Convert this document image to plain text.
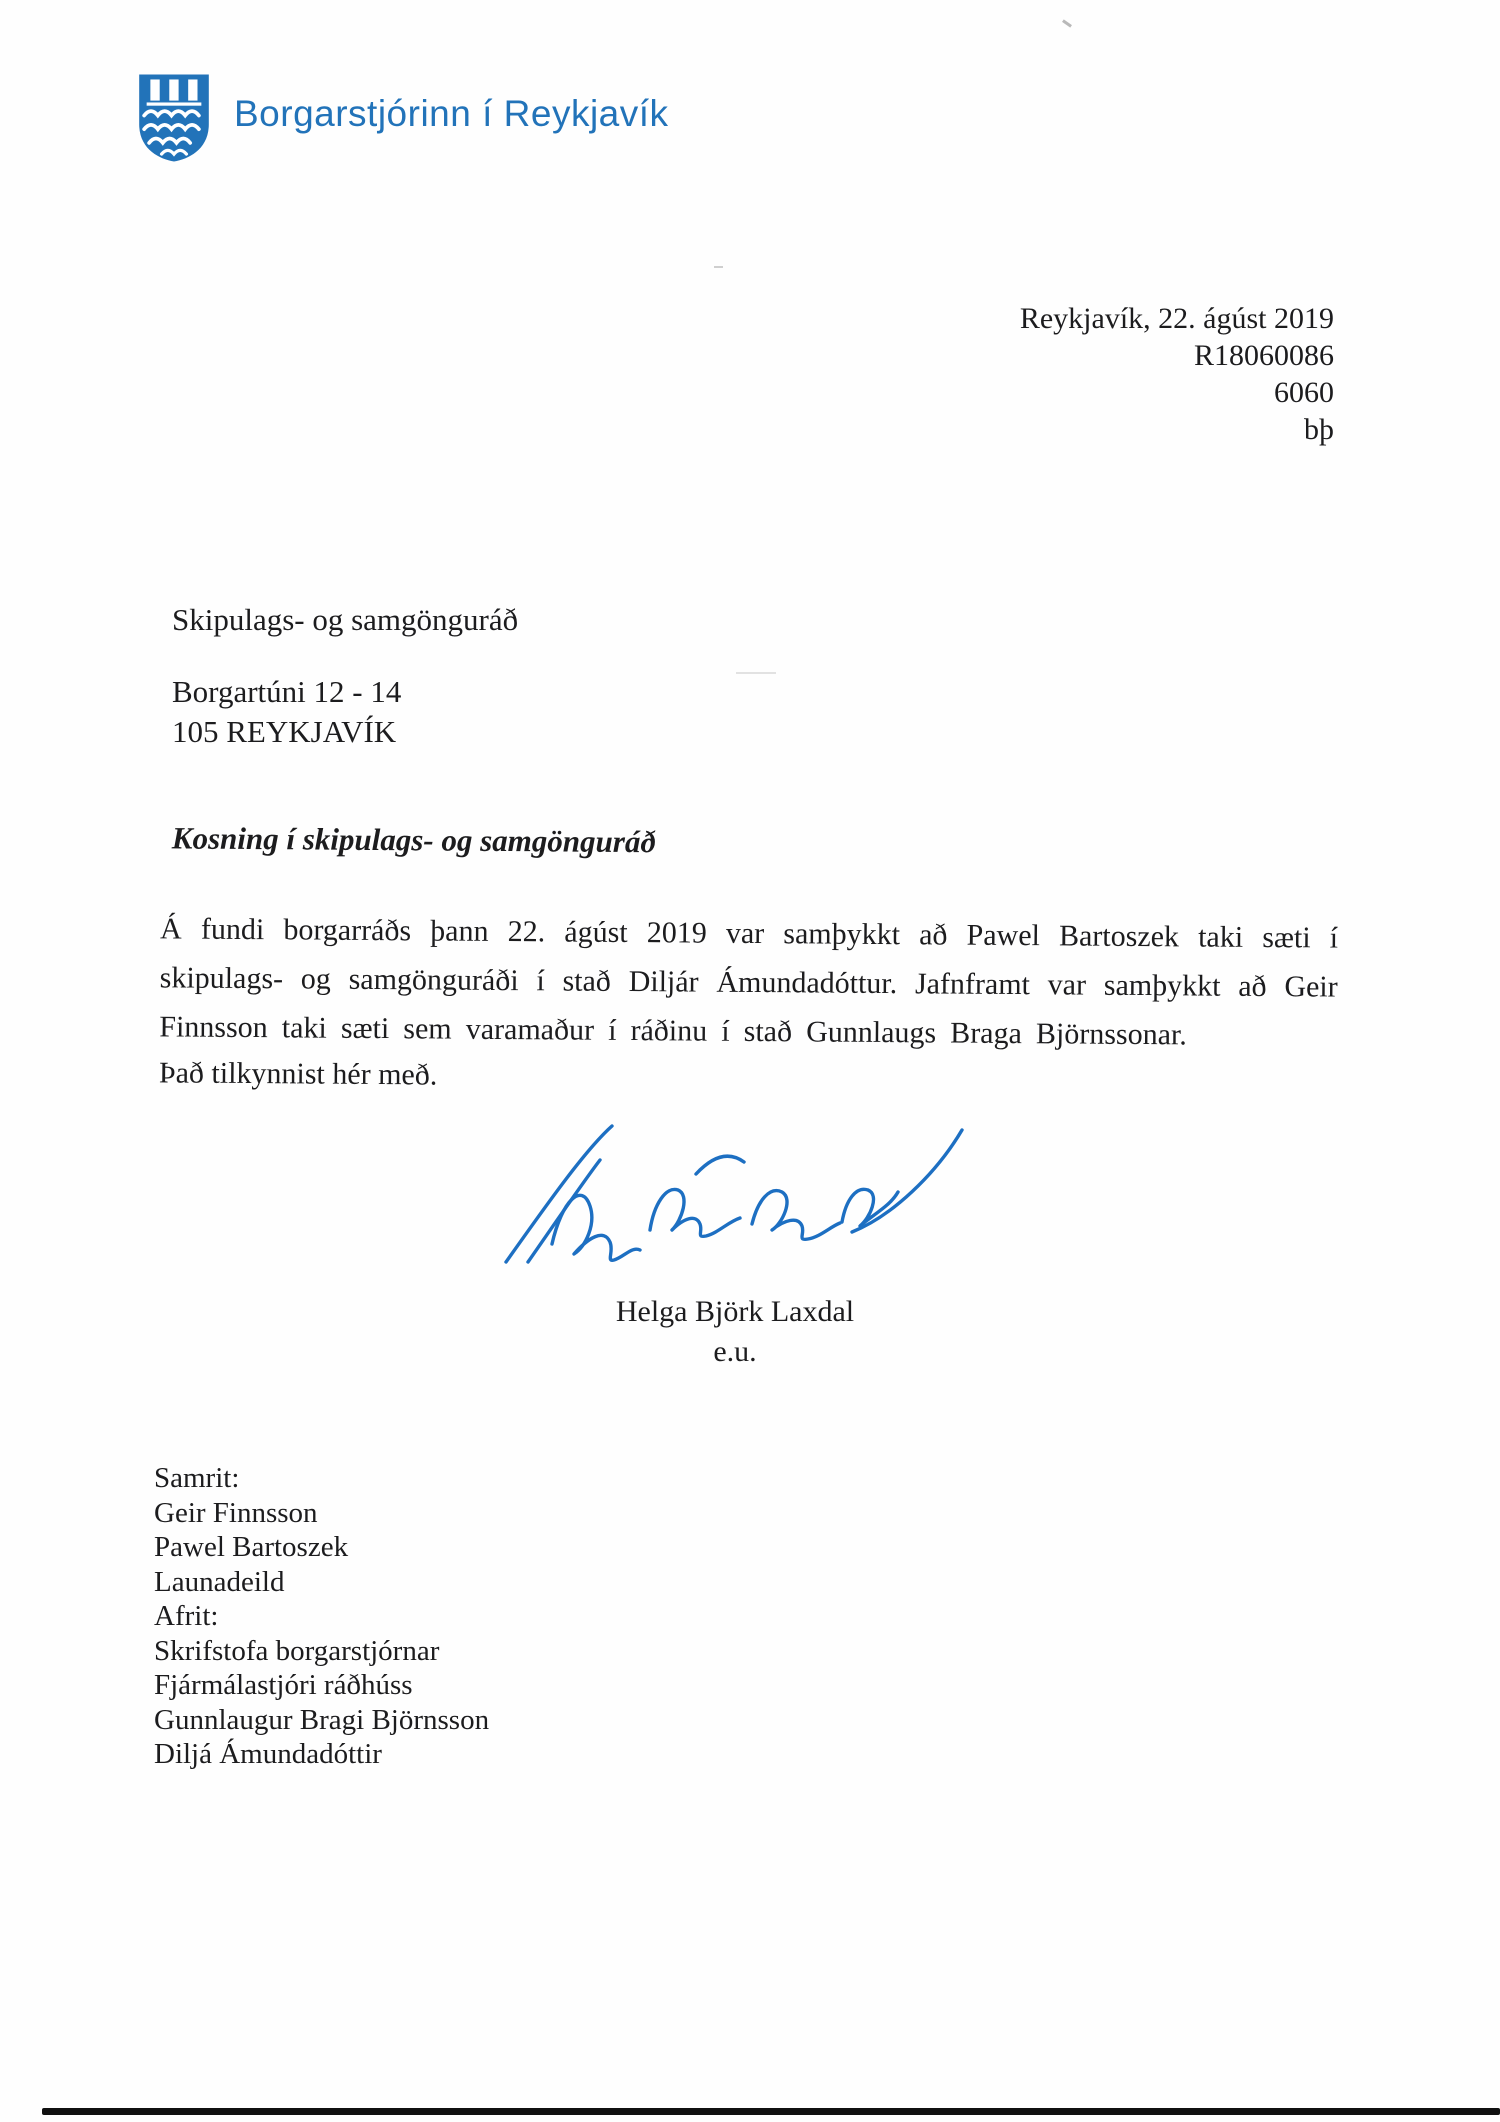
Borgarstjórinn í Reykjavík
Reykjavík, 22. ágúst 2019
R18060086
6060
bþ
Skipulags- og samgönguráð
Borgartúni 12 - 14
105 REYKJAVÍK
Kosning í skipulags- og samgönguráð
Á fundi borgarráðs þann 22. ágúst 2019 var samþykkt að Pawel Bartoszek taki sæti í skipulags- og samgönguráði í stað Diljár Ámundadóttur. Jafnframt var samþykkt að Geir Finnsson taki sæti sem varamaður í ráðinu í stað Gunnlaugs Braga Björnssonar.
Það tilkynnist hér með.
Helga Björk Laxdal
e.u.
Samrit:
Geir Finnsson
Pawel Bartoszek
Launadeild
Afrit:
Skrifstofa borgarstjórnar
Fjármálastjóri ráðhúss
Gunnlaugur Bragi Björnsson
Diljá Ámundadóttir
